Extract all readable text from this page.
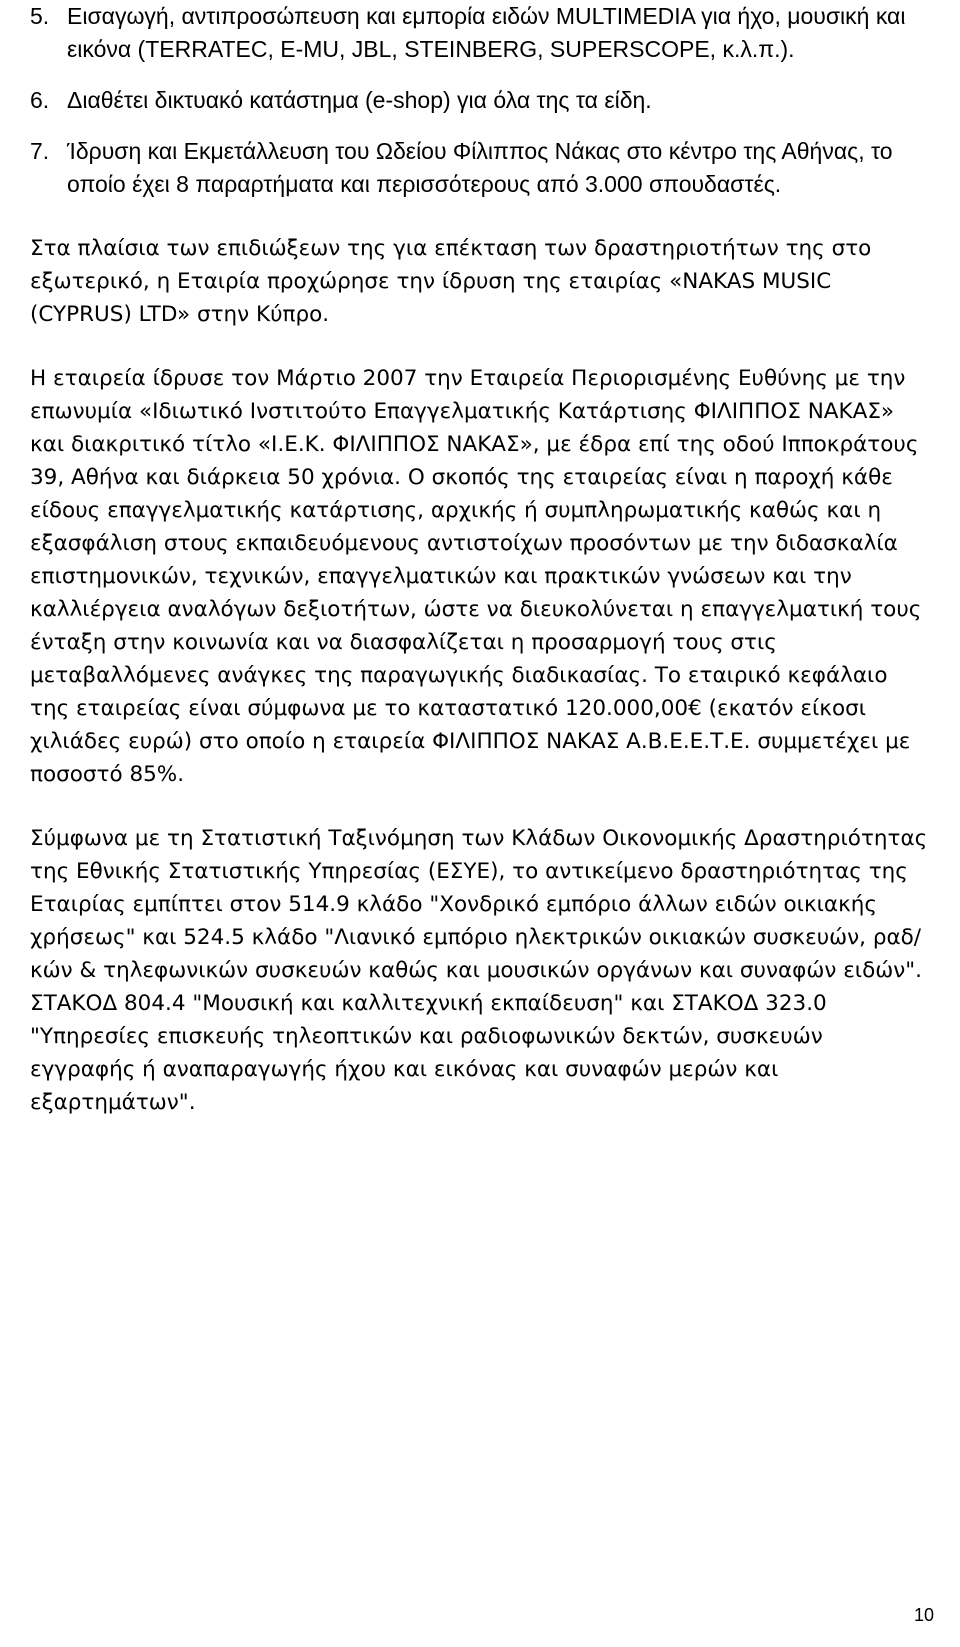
5. Εισαγωγή, αντιπροσώπευση και εμπορία ειδών MULTIMEDIA για ήχο, μουσική και εικόνα (TERRATEC, E-MU, JBL, STEINBERG, SUPERSCOPE, κ.λ.π.).

6. Διαθέτει δικτυακό κατάστημα (e-shop) για όλα της τα είδη.

7. Ίδρυση και Εκμετάλλευση του Ωδείου Φίλιππος Νάκας στο κέντρο της Αθήνας, το οποίο έχει 8 παραρτήματα και περισσότερους από 3.000 σπουδαστές.

Στα πλαίσια των επιδιώξεων της για επέκταση των δραστηριοτήτων της στο εξωτερικό, η Εταιρία προχώρησε την ίδρυση της εταιρίας «NAKAS MUSIC (CYPRUS) LTD» στην Κύπρο.

Η εταιρεία ίδρυσε τον Μάρτιο 2007 την Εταιρεία Περιορισμένης Ευθύνης με την επωνυμία «Ιδιωτικό Ινστιτούτο Επαγγελματικής Κατάρτισης ΦΙΛΙΠΠΟΣ ΝΑΚΑΣ» και διακριτικό τίτλο «Ι.Ε.Κ. ΦΙΛΙΠΠΟΣ ΝΑΚΑΣ», με έδρα επί της οδού Ιπποκράτους 39, Αθήνα και διάρκεια 50 χρόνια. Ο σκοπός της εταιρείας είναι η παροχή κάθε είδους επαγγελματικής κατάρτισης, αρχικής ή συμπληρωματικής καθώς και η εξασφάλιση στους εκπαιδευόμενους αντιστοίχων προσόντων με την διδασκαλία επιστημονικών, τεχνικών, επαγγελματικών και πρακτικών γνώσεων και την καλλιέργεια αναλόγων δεξιοτήτων, ώστε να διευκολύνεται η επαγγελματική τους ένταξη στην κοινωνία και να διασφαλίζεται η προσαρμογή τους στις μεταβαλλόμενες ανάγκες της παραγωγικής διαδικασίας. Το εταιρικό κεφάλαιο της εταιρείας είναι σύμφωνα με το καταστατικό 120.000,00€ (εκατόν είκοσι χιλιάδες ευρώ) στο οποίο η εταιρεία ΦΙΛΙΠΠΟΣ ΝΑΚΑΣ Α.Β.Ε.Ε.Τ.Ε. συμμετέχει με ποσοστό 85%.

Σύμφωνα με τη Στατιστική Ταξινόμηση των Κλάδων Οικονομικής Δραστηριότητας της Εθνικής Στατιστικής Υπηρεσίας (ΕΣΥΕ), το αντικείμενο δραστηριότητας της Εταιρίας εμπίπτει στον 514.9 κλάδο "Χονδρικό εμπόριο άλλων ειδών οικιακής χρήσεως" και 524.5 κλάδο "Λιανικό εμπόριο ηλεκτρικών οικιακών συσκευών, ραδ/κών & τηλεφωνικών συσκευών καθώς και μουσικών οργάνων και συναφών ειδών". ΣΤΑΚΟΔ 804.4 "Μουσική και καλλιτεχνική εκπαίδευση" και ΣΤΑΚΟΔ 323.0 "Υπηρεσίες επισκευής τηλεοπτικών και ραδιοφωνικών δεκτών, συσκευών εγγραφής ή αναπαραγωγής ήχου και εικόνας και συναφών μερών και εξαρτημάτων".

10
